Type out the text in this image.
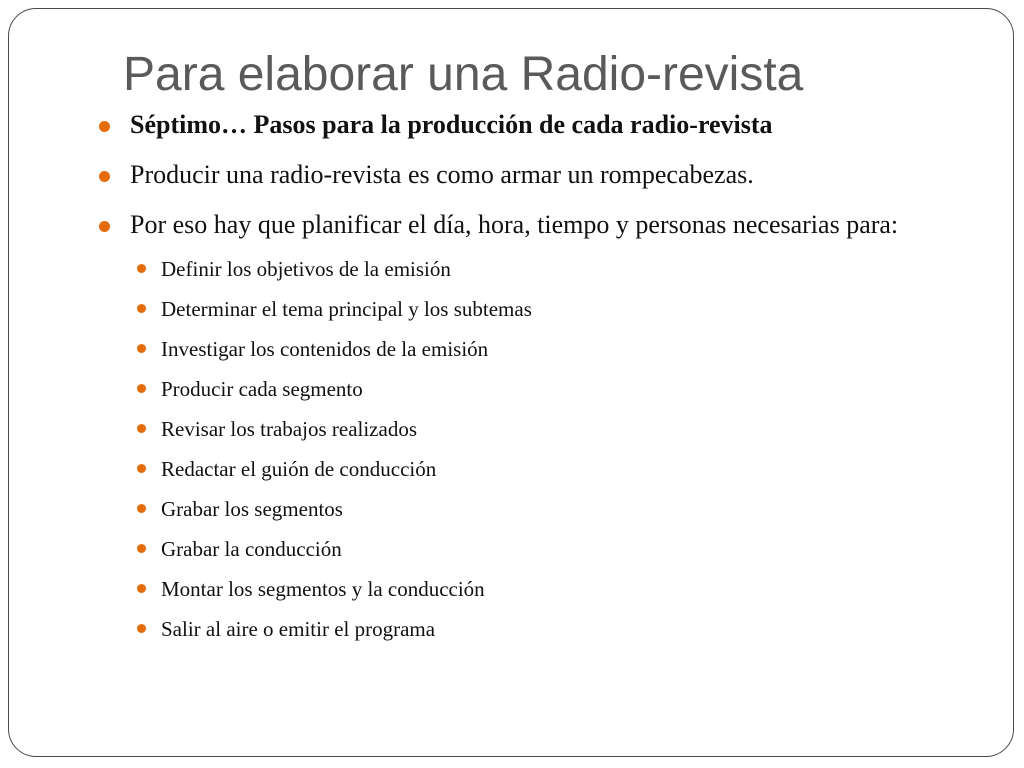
Para elaborar una Radio-revista
Séptimo… Pasos para la producción de cada radio-revista
Producir una radio-revista es como armar un rompecabezas.
Por eso hay que planificar el día, hora, tiempo y personas necesarias para:
Definir los objetivos de la emisión
Determinar el tema principal y los subtemas
Investigar los contenidos de la emisión
Producir cada segmento
Revisar los trabajos realizados
Redactar el guión de conducción
Grabar los segmentos
Grabar la conducción
Montar los segmentos y la conducción
Salir al aire o emitir el programa
